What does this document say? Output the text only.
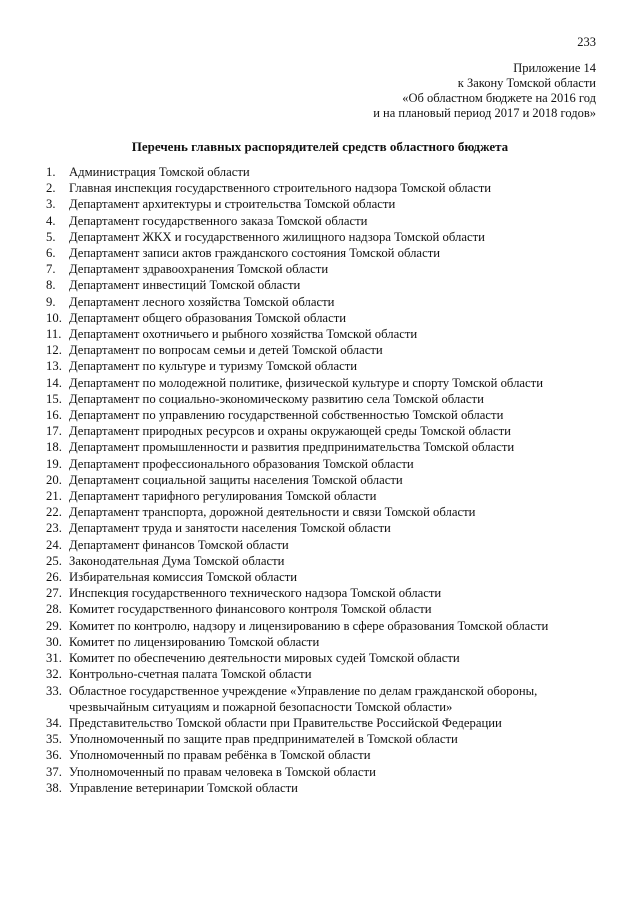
233
Приложение 14
к Закону Томской области
«Об областном бюджете на 2016 год
и на плановый период 2017 и 2018 годов»
Перечень главных распорядителей средств областного бюджета
1. Администрация Томской области
2. Главная инспекция государственного строительного надзора Томской области
3. Департамент архитектуры и строительства Томской области
4. Департамент государственного заказа Томской области
5. Департамент ЖКХ и государственного жилищного надзора Томской области
6. Департамент записи актов гражданского состояния Томской области
7. Департамент здравоохранения Томской области
8. Департамент инвестиций Томской области
9. Департамент лесного хозяйства Томской области
10. Департамент общего образования Томской области
11. Департамент охотничьего и рыбного хозяйства Томской области
12. Департамент по вопросам семьи и детей Томской области
13. Департамент по культуре и туризму Томской области
14. Департамент по молодежной политике, физической культуре и спорту Томской области
15. Департамент по социально-экономическому развитию села Томской области
16. Департамент по управлению государственной собственностью Томской области
17. Департамент природных ресурсов и охраны окружающей среды Томской области
18. Департамент промышленности и развития предпринимательства Томской области
19. Департамент профессионального образования Томской области
20. Департамент социальной защиты населения Томской области
21. Департамент тарифного регулирования Томской области
22. Департамент транспорта, дорожной деятельности и связи Томской области
23. Департамент труда и занятости населения Томской области
24. Департамент финансов Томской области
25. Законодательная Дума Томской области
26. Избирательная комиссия Томской области
27. Инспекция государственного технического надзора Томской области
28. Комитет государственного финансового контроля Томской области
29. Комитет по контролю, надзору и лицензированию в сфере образования Томской области
30. Комитет по лицензированию Томской области
31. Комитет по обеспечению деятельности мировых судей Томской области
32. Контрольно-счетная палата Томской области
33. Областное государственное учреждение «Управление по делам гражданской обороны, чрезвычайным ситуациям и пожарной безопасности Томской области»
34. Представительство Томской области при Правительстве Российской Федерации
35. Уполномоченный по защите прав предпринимателей в Томской области
36. Уполномоченный по правам ребёнка в Томской области
37. Уполномоченный по правам человека в Томской области
38. Управление ветеринарии Томской области
